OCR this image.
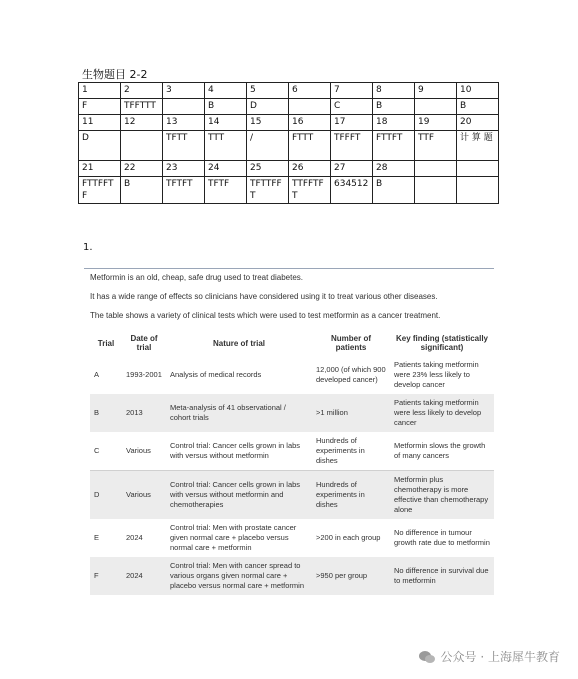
生物题目 2-2
1	2	3	4	5	6	7	8	9	10
F	TFFTTT		B	D		C	B		B
11	12	13	14	15	16	17	18	19	20
D		TFTT	TTT	/	FTTT	TFFFT	FTTFT	TTF	计 算 题
21	22	23	24	25	26	27	28		
FTTFFTF	B	TFTFT	TFTF	TFTTFFT	TTFFTFT	634512	B		
1.

Metformin is an old, cheap, safe drug used to treat diabetes.

It has a wide range of effects so clinicians have considered using it to treat various other diseases.

The table shows a variety of clinical tests which were used to test metformin as a cancer treatment.

Trial	Date of trial	Nature of trial	Number of patients	Key finding (statistically significant)
A	1993-2001	Analysis of medical records	12,000 (of which 900 developed cancer)	Patients taking metformin were 23% less likely to develop cancer
B	2013	Meta-analysis of 41 observational / cohort trials	>1 million	Patients taking metformin were less likely to develop cancer
C	Various	Control trial: Cancer cells grown in labs with versus without metformin	Hundreds of experiments in dishes	Metformin slows the growth of many cancers
D	Various	Control trial: Cancer cells grown in labs with versus without metformin and chemotherapies	Hundreds of experiments in dishes	Metformin plus chemotherapy is more effective than chemotherapy alone
E	2024	Control trial: Men with prostate cancer given normal care + placebo versus normal care + metformin	>200 in each group	No difference in tumour growth rate due to metformin
F	2024	Control trial: Men with cancer spread to various organs given normal care + placebo versus normal care + metformin	>950 per group	No difference in survival due to metformin
公众号 · 上海犀牛教育
